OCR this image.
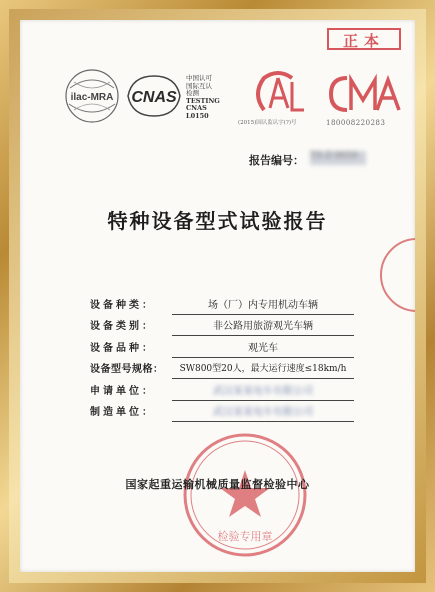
正本
ilac-MRA CNAS
中国认可
国际互认
检测
TESTING
CNAS L0150	CAL
(2015)国认监认字(?)号
CMA
180008220283
报告编号： TS-Z-0650
特种设备型式试验报告
设备种类：	场（厂）内专用机动车辆
设备类别：	非公路用旅游观光车辆
设备品种：	观光车
设备型号规格：	SW800型20人，最大运行速度≤18km/h
申请单位：	武汉某某电车有限公司
制造单位：	武汉某某电车有限公司
检验专用章
国家起重运输机械质量监督检验中心
